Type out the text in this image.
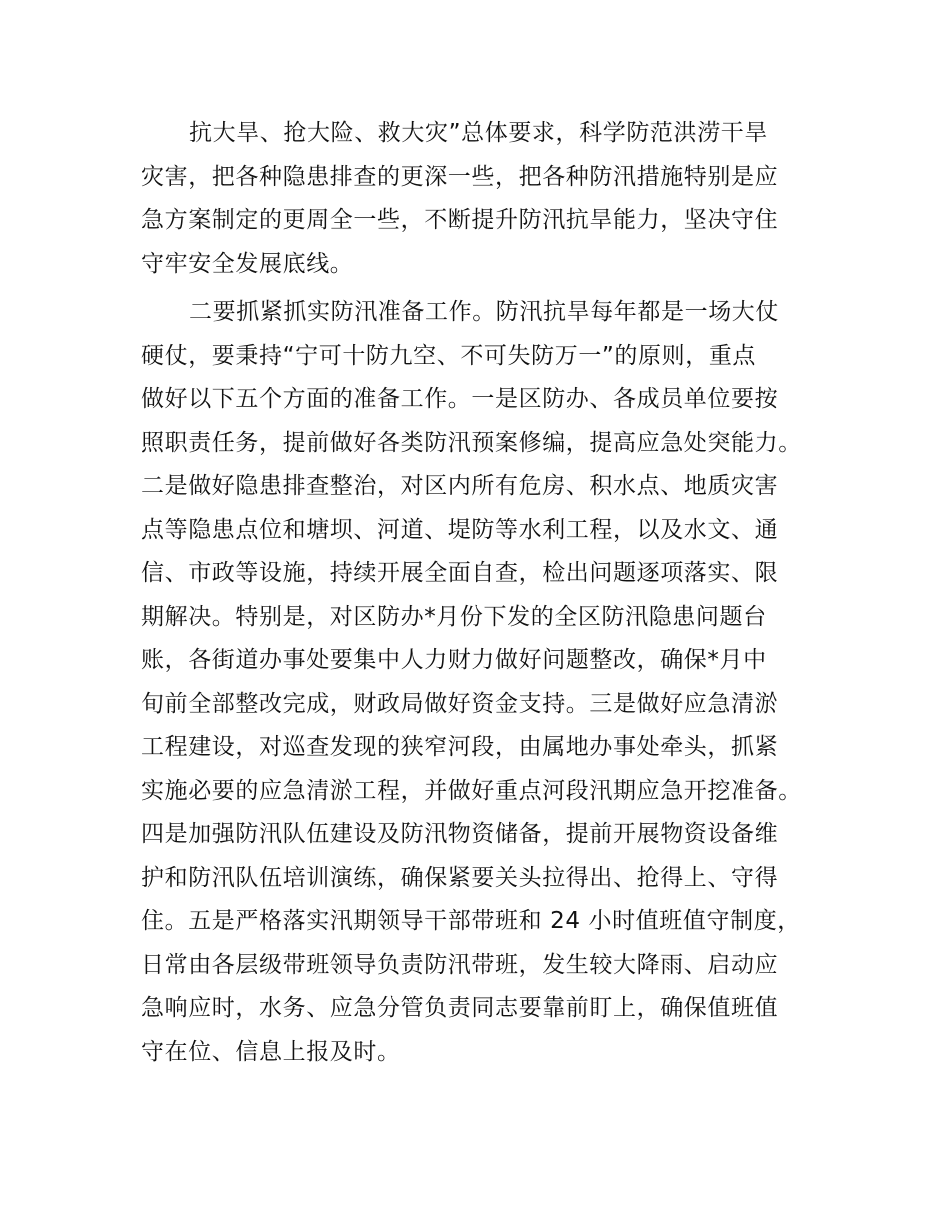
抗大旱、抢大险、救大灾”总体要求，科学防范洪涝干旱
灾害，把各种隐患排查的更深一些，把各种防汛措施特别是应
急方案制定的更周全一些，不断提升防汛抗旱能力，坚决守住
守牢安全发展底线。

二要抓紧抓实防汛准备工作。防汛抗旱每年都是一场大仗
硬仗，要秉持“宁可十防九空、不可失防万一”的原则，重点
做好以下五个方面的准备工作。一是区防办、各成员单位要按
照职责任务，提前做好各类防汛预案修编，提高应急处突能力。
二是做好隐患排查整治，对区内所有危房、积水点、地质灾害
点等隐患点位和塘坝、河道、堤防等水利工程，以及水文、通
信、市政等设施，持续开展全面自查，检出问题逐项落实、限
期解决。特别是，对区防办*月份下发的全区防汛隐患问题台
账，各街道办事处要集中人力财力做好问题整改，确保*月中
旬前全部整改完成，财政局做好资金支持。三是做好应急清淤
工程建设，对巡查发现的狭窄河段，由属地办事处牵头，抓紧
实施必要的应急清淤工程，并做好重点河段汛期应急开挖准备。
四是加强防汛队伍建设及防汛物资储备，提前开展物资设备维
护和防汛队伍培训演练，确保紧要关头拉得出、抢得上、守得
住。五是严格落实汛期领导干部带班和 24 小时值班值守制度，
日常由各层级带班领导负责防汛带班，发生较大降雨、启动应
急响应时，水务、应急分管负责同志要靠前盯上，确保值班值
守在位、信息上报及时。
